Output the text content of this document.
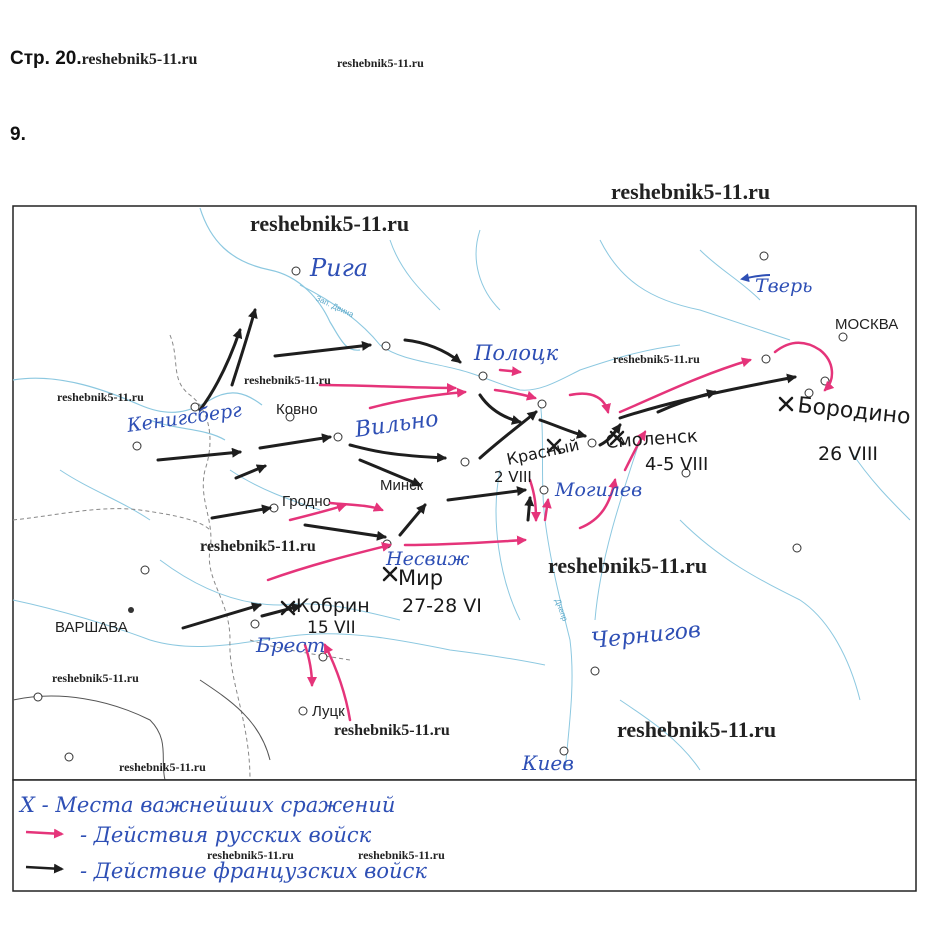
Стр. 20.reshebnik5-11.ru	reshebnik5-11.ru
9.
Зап. Двина
Днепр
МОСКВА
Ковно
Гродно
Минск
ВАРШАВА
Луцк
Рига
Тверь
Полоцк
Кенигсберг	Вильно
Могилев
Несвиж
Брест	Чернигов
Киев
Бородино
26 VIII
Смоленск
4-5 VIII
Красный
2 VIII
Мир
27-28 VI
Кобрин
15 VII
X - Места важнейших сражений
- Действия русских войск
- Действие французских войск
reshebnik5-11.ru
reshebnik5-11.ru
reshebnik5-11.ru
reshebnik5-11.ru
reshebnik5-11.ru
reshebnik5-11.ru
reshebnik5-11.ru
reshebnik5-11.ru
reshebnik5-11.ru
reshebnik5-11.ru
reshebnik5-11.ru
reshebnik5-11.ru	reshebnik5-11.ru
